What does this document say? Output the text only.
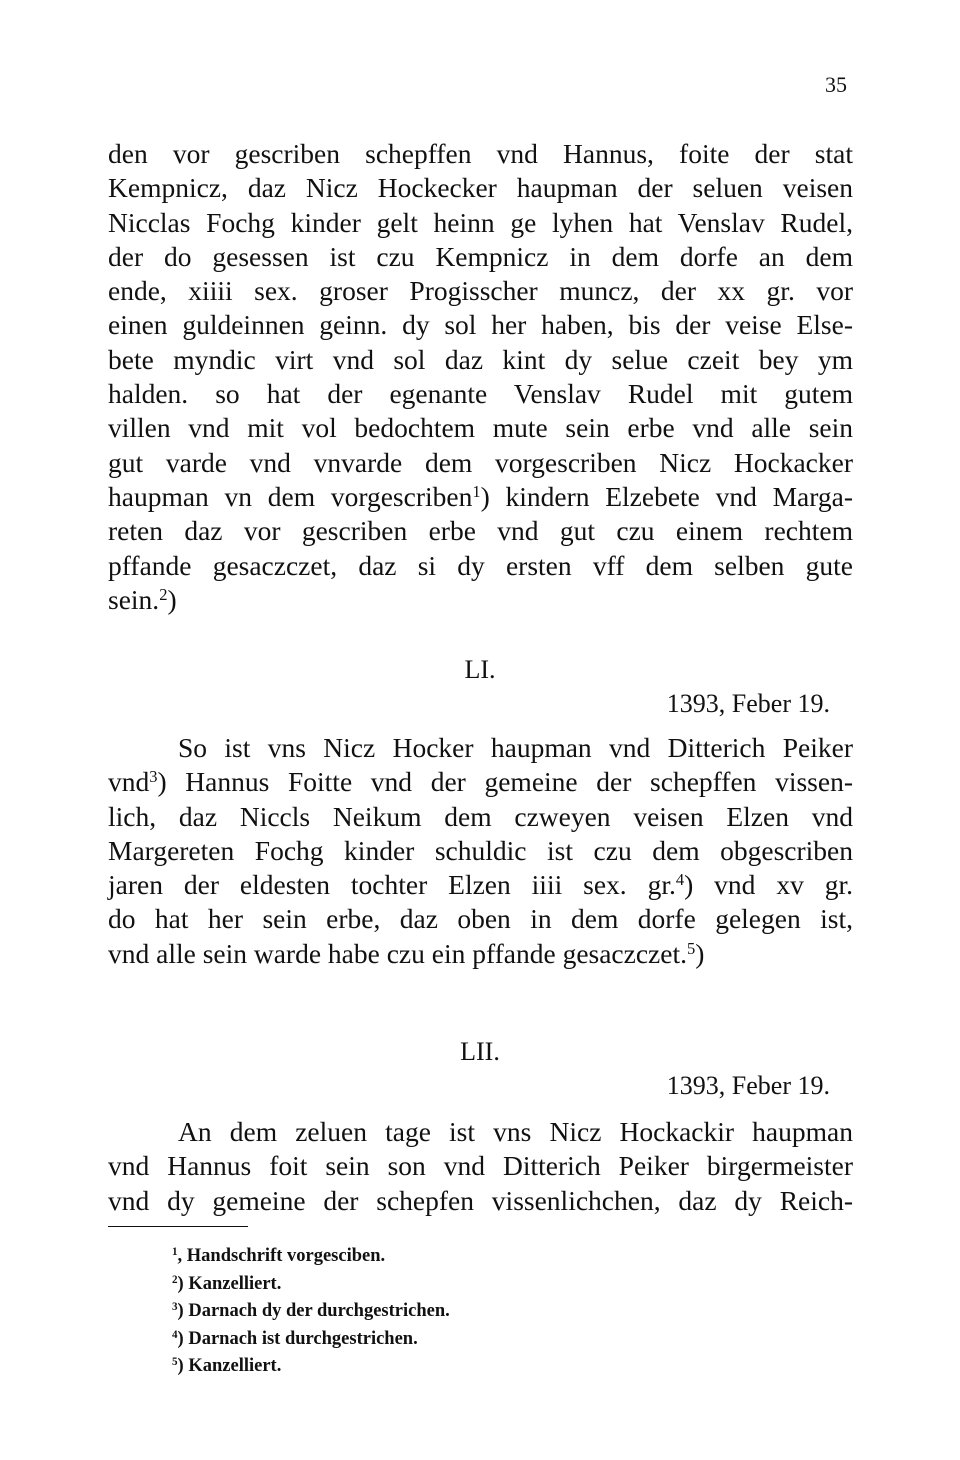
35
den vor gescriben schepffen vnd Hannus, foite der stat
Kempnicz, daz Nicz Hockecker haupman der seluen veisen
Nicclas Fochg kinder gelt heinn ge lyhen hat Venslav Rudel,
der do gesessen ist czu Kempnicz in dem dorfe an dem
ende, xiiii sex. groser Progisscher muncz, der xx gr. vor
einen guldeinnen geinn. dy sol her haben, bis der veise Else-
bete myndic virt vnd sol daz kint dy selue czeit bey ym
halden. so hat der egenante Venslav Rudel mit gutem
villen vnd mit vol bedochtem mute sein erbe vnd alle sein
gut varde vnd vnvarde dem vorgescriben Nicz Hockacker
haupman vn dem vorgescriben$^1$) kindern Elzebete vnd Marga-
reten daz vor gescriben erbe vnd gut czu einem rechtem
pffande gesaczczet, daz si dy ersten vff dem selben gute
sein.$^2$)
LI.
1393, Feber 19.
So ist vns Nicz Hocker haupman vnd Ditterich Peiker
vnd$^3$) Hannus Foitte vnd der gemeine der schepffen vissen-
lich, daz Niccls Neikum dem czweyen veisen Elzen vnd
Margereten Fochg kinder schuldic ist czu dem obgescriben
jaren der eldesten tochter Elzen iiii sex. gr.$^4$) vnd xv gr.
do hat her sein erbe, daz oben in dem dorfe gelegen ist,
vnd alle sein warde habe czu ein pffande gesaczczet.$^5$)
LII.
1393, Feber 19.
An dem zeluen tage ist vns Nicz Hockackir haupman
vnd Hannus foit sein son vnd Ditterich Peiker birgermeister
vnd dy gemeine der schepfen vissenlichchen, daz dy Reich-
$^1$, Handschrift vorgesciben.
$^2$) Kanzelliert.
$^3$) Darnach dy der durchgestrichen.
$^4$) Darnach ist durchgestrichen.
$^5$) Kanzelliert.
